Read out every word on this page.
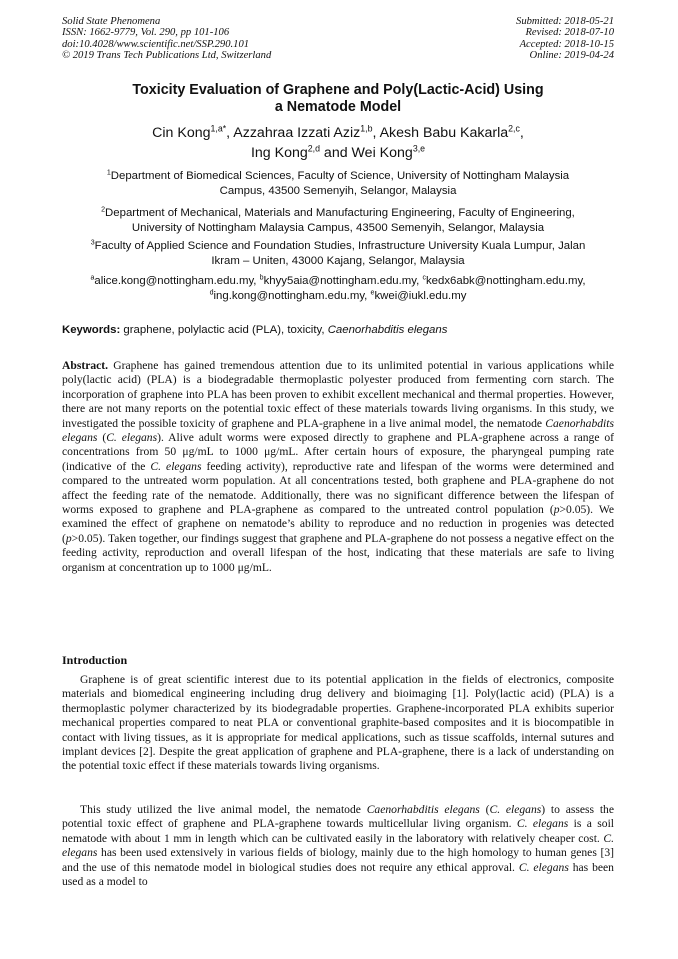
Solid State Phenomena
ISSN: 1662-9779, Vol. 290, pp 101-106
doi:10.4028/www.scientific.net/SSP.290.101
© 2019 Trans Tech Publications Ltd, Switzerland
Submitted: 2018-05-21
Revised: 2018-07-10
Accepted: 2018-10-15
Online: 2019-04-24
Toxicity Evaluation of Graphene and Poly(Lactic-Acid) Using
a Nematode Model
Cin Kong$^{1,a*}$, Azzahraa Izzati Aziz$^{1,b}$, Akesh Babu Kakarla$^{2,c}$,
Ing Kong$^{2,d}$ and Wei Kong$^{3,e}$
$^1$Department of Biomedical Sciences, Faculty of Science, University of Nottingham Malaysia
Campus, 43500 Semenyih, Selangor, Malaysia
$^2$Department of Mechanical, Materials and Manufacturing Engineering, Faculty of Engineering,
University of Nottingham Malaysia Campus, 43500 Semenyih, Selangor, Malaysia
$^3$Faculty of Applied Science and Foundation Studies, Infrastructure University Kuala Lumpur, Jalan
Ikram – Uniten, 43000 Kajang, Selangor, Malaysia
$^a$alice.kong@nottingham.edu.my, $^b$khyy5aia@nottingham.edu.my, $^c$kedx6abk@nottingham.edu.my,
$^d$ing.kong@nottingham.edu.my, $^e$kwei@iukl.edu.my
Keywords: graphene, polylactic acid (PLA), toxicity, Caenorhabditis elegans
Abstract. Graphene has gained tremendous attention due to its unlimited potential in various applications while poly(lactic acid) (PLA) is a biodegradable thermoplastic polyester produced from fermenting corn starch. The incorporation of graphene into PLA has been proven to exhibit excellent mechanical and thermal properties. However, there are not many reports on the potential toxic effect of these materials towards living organisms. In this study, we investigated the possible toxicity of graphene and PLA-graphene in a live animal model, the nematode Caenorhabdits elegans (C. elegans). Alive adult worms were exposed directly to graphene and PLA-graphene across a range of concentrations from 50 μg/mL to 1000 μg/mL. After certain hours of exposure, the pharyngeal pumping rate (indicative of the C. elegans feeding activity), reproductive rate and lifespan of the worms were determined and compared to the untreated worm population. At all concentrations tested, both graphene and PLA-graphene do not affect the feeding rate of the nematode. Additionally, there was no significant difference between the lifespan of worms exposed to graphene and PLA-graphene as compared to the untreated control population (p>0.05). We examined the effect of graphene on nematode’s ability to reproduce and no reduction in progenies was detected (p>0.05). Taken together, our findings suggest that graphene and PLA-graphene do not possess a negative effect on the feeding activity, reproduction and overall lifespan of the host, indicating that these materials are safe to living organism at concentration up to 1000 μg/mL.
Introduction
Graphene is of great scientific interest due to its potential application in the fields of electronics, composite materials and biomedical engineering including drug delivery and bioimaging [1]. Poly(lactic acid) (PLA) is a thermoplastic polymer characterized by its biodegradable properties. Graphene-incorporated PLA exhibits superior mechanical properties compared to neat PLA or conventional graphite-based composites and it is biocompatible in contact with living tissues, as it is appropriate for medical applications, such as tissue scaffolds, internal sutures and implant devices [2]. Despite the great application of graphene and PLA-graphene, there is a lack of understanding on the potential toxic effect if these materials towards living organisms.
This study utilized the live animal model, the nematode Caenorhabditis elegans (C. elegans) to assess the potential toxic effect of graphene and PLA-graphene towards multicellular living organism. C. elegans is a soil nematode with about 1 mm in length which can be cultivated easily in the laboratory with relatively cheaper cost. C. elegans has been used extensively in various fields of biology, mainly due to the high homology to human genes [3] and the use of this nematode model in biological studies does not require any ethical approval. C. elegans has been used as a model to
